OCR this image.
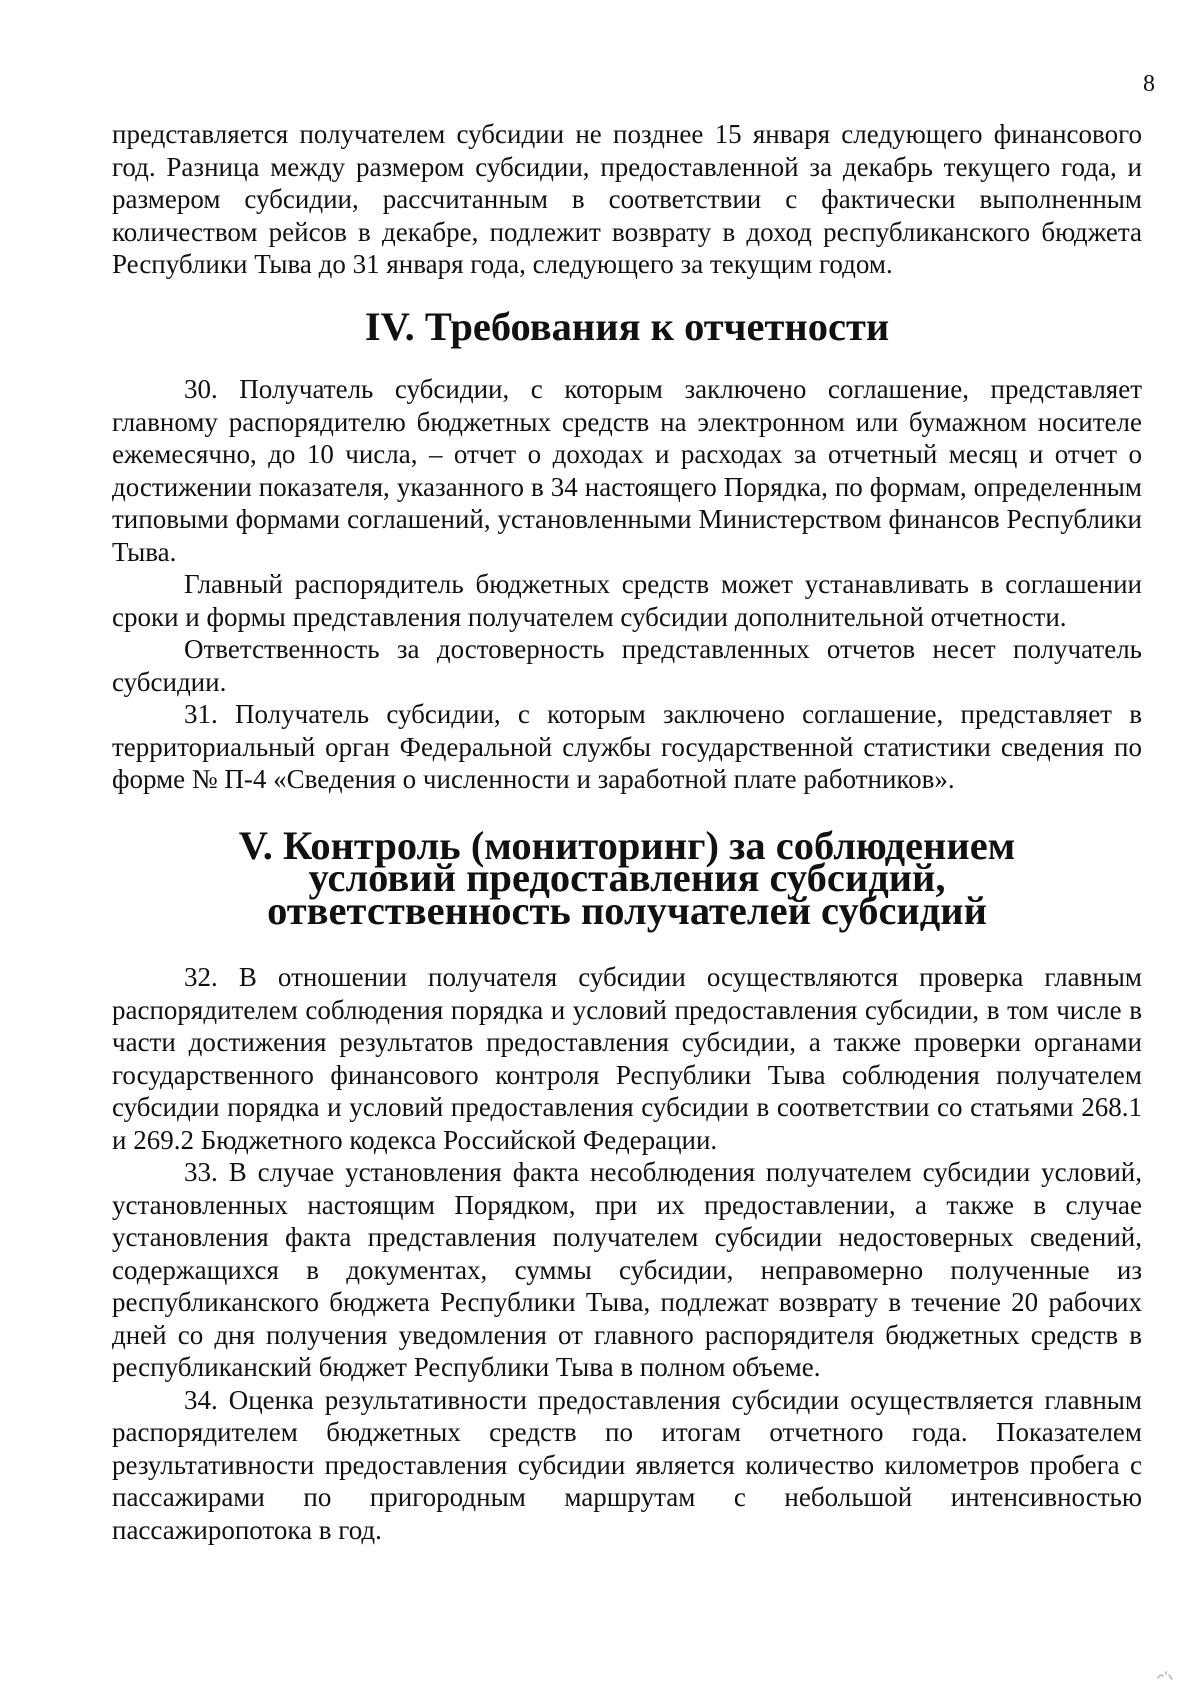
8

представляется получателем субсидии не позднее 15 января следующего финансового год. Разница между размером субсидии, предоставленной за декабрь текущего года, и размером субсидии, рассчитанным в соответствии с фактически выполненным количеством рейсов в декабре, подлежит возврату в доход республиканского бюджета Республики Тыва до 31 января года, следующего за текущим годом.

IV. Требования к отчетности

30. Получатель субсидии, с которым заключено соглашение, представляет главному распорядителю бюджетных средств на электронном или бумажном носителе ежемесячно, до 10 числа, – отчет о доходах и расходах за отчетный месяц и отчет о достижении показателя, указанного в 34 настоящего Порядка, по формам, определенным типовыми формами соглашений, установленными Министерством финансов Республики Тыва.

Главный распорядитель бюджетных средств может устанавливать в соглашении сроки и формы представления получателем субсидии дополнительной отчетности.

Ответственность за достоверность представленных отчетов несет получатель субсидии.

31. Получатель субсидии, с которым заключено соглашение, представляет в территориальный орган Федеральной службы государственной статистики сведения по форме № П-4 «Сведения о численности и заработной плате работников».

V. Контроль (мониторинг) за соблюдением
условий предоставления субсидий,
ответственность получателей субсидий

32. В отношении получателя субсидии осуществляются проверка главным распорядителем соблюдения порядка и условий предоставления субсидии, в том числе в части достижения результатов предоставления субсидии, а также проверки органами государственного финансового контроля Республики Тыва соблюдения получателем субсидии порядка и условий предоставления субсидии в соответствии со статьями 268.1 и 269.2 Бюджетного кодекса Российской Федерации.

33. В случае установления факта несоблюдения получателем субсидии условий, установленных настоящим Порядком, при их предоставлении, а также в случае установления факта представления получателем субсидии недостоверных сведений, содержащихся в документах, суммы субсидии, неправомерно полученные из республиканского бюджета Республики Тыва, подлежат возврату в течение 20 рабочих дней со дня получения уведомления от главного распорядителя бюджетных средств в республиканский бюджет Республики Тыва в полном объеме.

34. Оценка результативности предоставления субсидии осуществляется главным распорядителем бюджетных средств по итогам отчетного года. Показателем результативности предоставления субсидии является количество километров пробега с пассажирами по пригородным маршрутам с небольшой интенсивностью пассажиропотока в год.
